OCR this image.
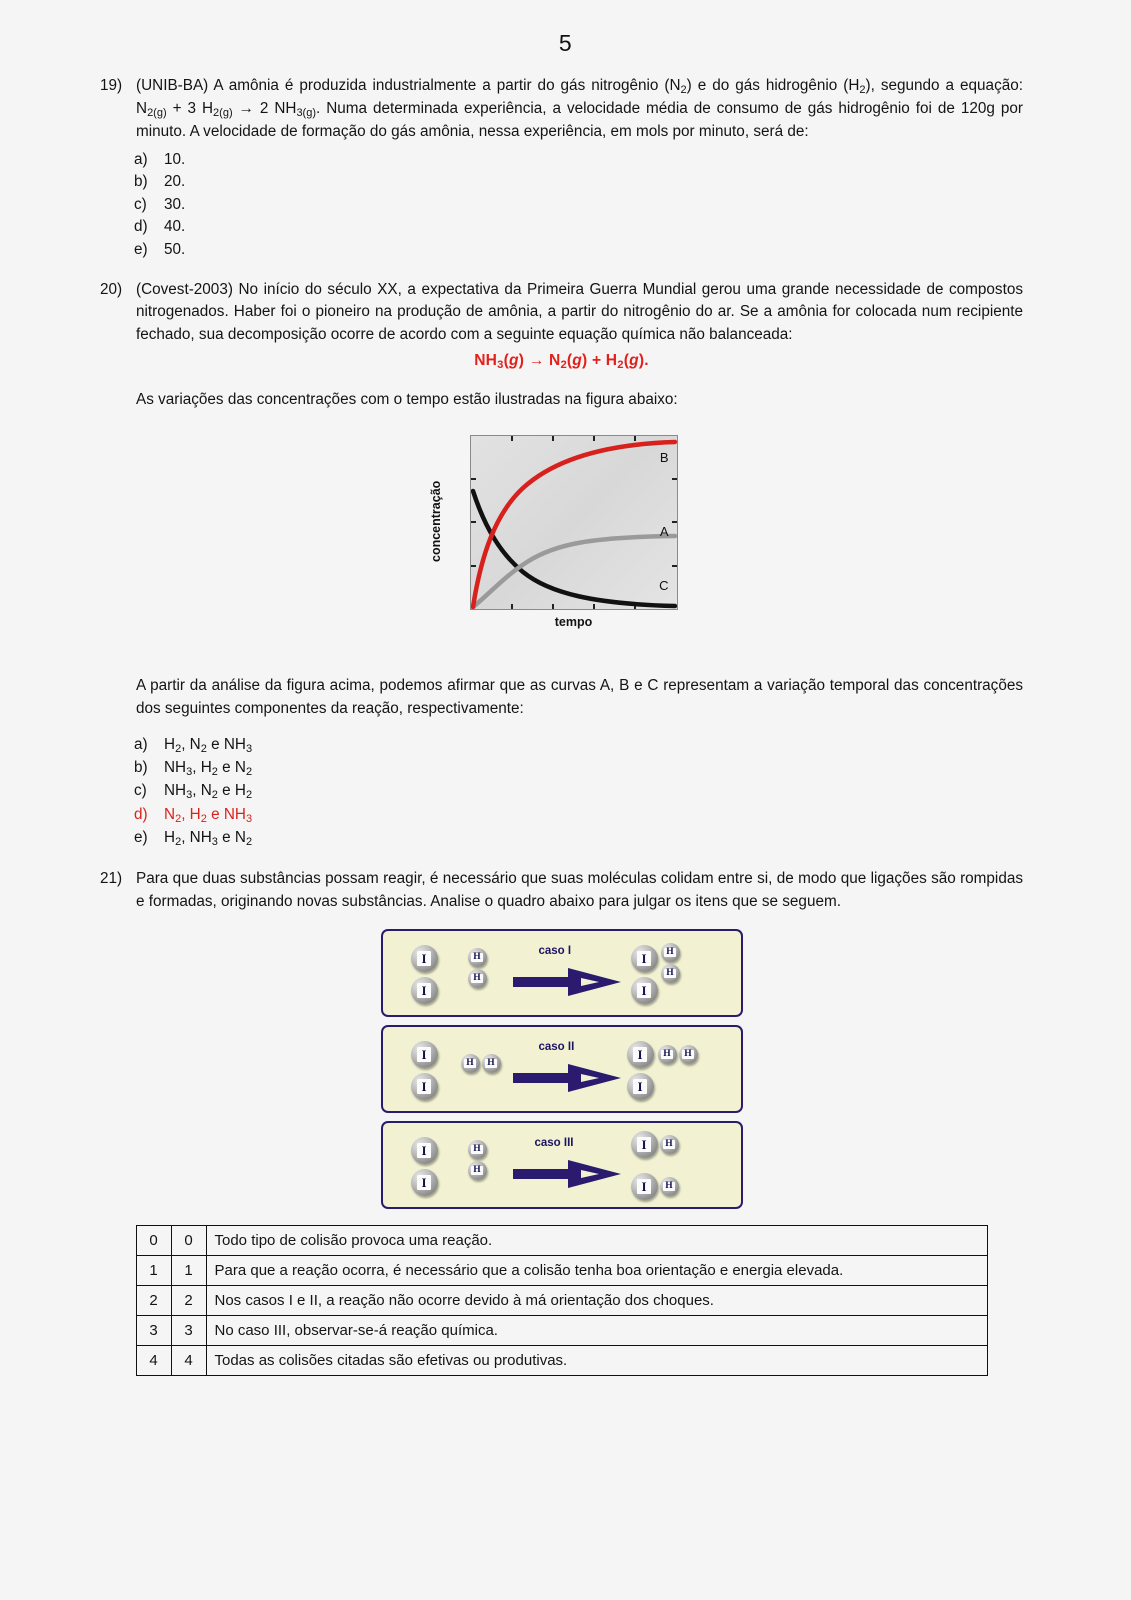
5
19) (UNIB-BA) A amônia é produzida industrialmente a partir do gás nitrogênio $(N_2)$ e do gás hidrogênio $(H_2)$, segundo a equação: $N_{2(g)} + 3$ $H_{2(g)} \to 2$ $NH_{3(g)}$. Numa determinada experiência, a velocidade média de consumo de gás hidrogênio foi de 120g por minuto. A velocidade de formação do gás amônia, nessa experiência, em mols por minuto, será de:
a)	10.
b)	20.
c)	30.
d)	40.
e)	50.
20) (Covest-2003) No início do século XX, a expectativa da Primeira Guerra Mundial gerou uma grande necessidade de compostos nitrogenados. Haber foi o pioneiro na produção de amônia, a partir do nitrogênio do ar. Se a amônia for colocada num recipiente fechado, sua decomposição ocorre de acordo com a seguinte equação química não balanceada:
$NH_3(g) \to N_2(g) + H_2(g)$.
As variações das concentrações com o tempo estão ilustradas na figura abaixo:
concentração
B
A
C
tempo
A partir da análise da figura acima, podemos afirmar que as curvas A, B e C representam a variação temporal das concentrações dos seguintes componentes da reação, respectivamente:
a)	$H_2$, $N_2$ e $NH_3$
b)	$NH_3$, $H_2$ e $N_2$
c)	$NH_3$, $N_2$ e $H_2$
d)	$N_2$, $H_2$ e $NH_3$
e)	$H_2$, $NH_3$ e $N_2$
21) Para que duas substâncias possam reagir, é necessário que suas moléculas colidam entre si, de modo que ligações são rompidas e formadas, originando novas substâncias. Analise o quadro abaixo para julgar os itens que se seguem.
I
I
H
H
caso I	I
I
H
H
I
I
H H
caso II	I
I
H H
I
I
H
H
caso III	I	H
I	H
0	0	Todo tipo de colisão provoca uma reação.
1	1	Para que a reação ocorra, é necessário que a colisão tenha boa orientação e energia elevada.
2	2	Nos casos I e II, a reação não ocorre devido à má orientação dos choques.
3	3	No caso III, observar-se-á reação química.
4	4	Todas as colisões citadas são efetivas ou produtivas.
